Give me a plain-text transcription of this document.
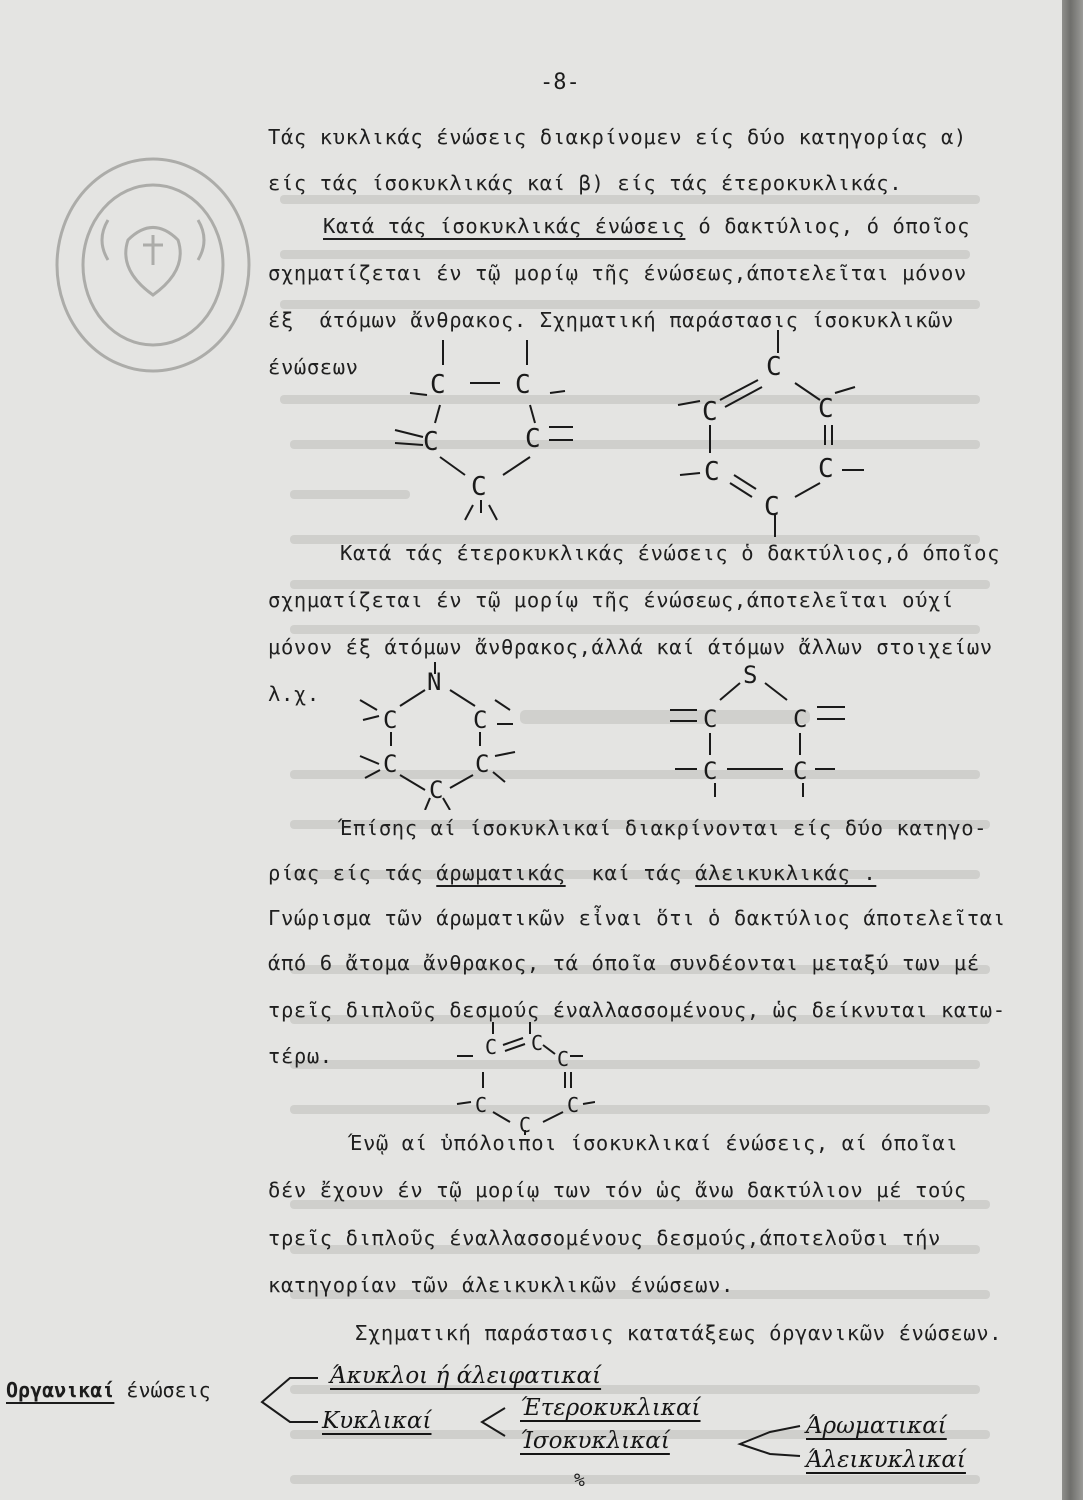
-8-
Τάς κυκλικάς ένώσεις διακρίνομεν είς δύο κατηγορίας α)
είς τάς ίσοκυκλικάς καί β) είς τάς έτεροκυκλικάς.
Κατά τάς ίσοκυκλικάς ένώσεις ό δακτύλιος, ό όποῖος
σχηματίζεται έν τῷ μορίῳ τῆς ένώσεως,άποτελεῖται μόνον
έξ  άτόμων ἄνθρακος. Σχηματική παράστασις ίσοκυκλικῶν
ένώσεων
C	C
C	C
C
C
C	C
C	C
C
Κατά τάς έτεροκυκλικάς ένώσεις ὁ δακτύλιος,ό όποῖος
σχηματίζεται έν τῷ μορίῳ τῆς ένώσεως,άποτελεῖται ούχί
μόνον έξ άτόμων ἄνθρακος,άλλά καί άτόμων ἄλλων στοιχείων
λ.χ.	N
C	C
C	C
C
S
C	C
C	C
Έπίσης αί ίσοκυκλικαί διακρίνονται είς δύο κατηγο-
ρίας είς τάς άρωματικάς  καί τάς άλεικυκλικάς .
Γνώρισμα τῶν άρωματικῶν εἶναι ὅτι ὁ δακτύλιος άποτελεῖται
άπό 6 ἄτομα ἄνθρακος, τά όποῖα συνδέονται μεταξύ των μέ
τρεῖς διπλοῦς δεσμούς έναλλασσομένους, ὡς δείκνυται κατω-
τέρω.	C C
C
C
C
C
Ένῷ αί ὑπόλοιποι ίσοκυκλικαί ένώσεις, αί όποῖαι
δέν ἔχουν έν τῷ μορίῳ των τόν ὡς ἄνω δακτύλιον μέ τούς
τρεῖς διπλοῦς έναλλασσομένους δεσμούς,άποτελοῦσι τήν
κατηγορίαν τῶν άλεικυκλικῶν ένώσεων.
Σχηματική παράστασις κατατάξεως όργανικῶν ένώσεων.
Οργανικαί ένώσεις
Άκυκλοι ή άλειφατικαί
Κυκλικαί	Έτεροκυκλικαί
Ίσοκυκλικαί
Άρωματικαί
Άλεικυκλικαί
%
